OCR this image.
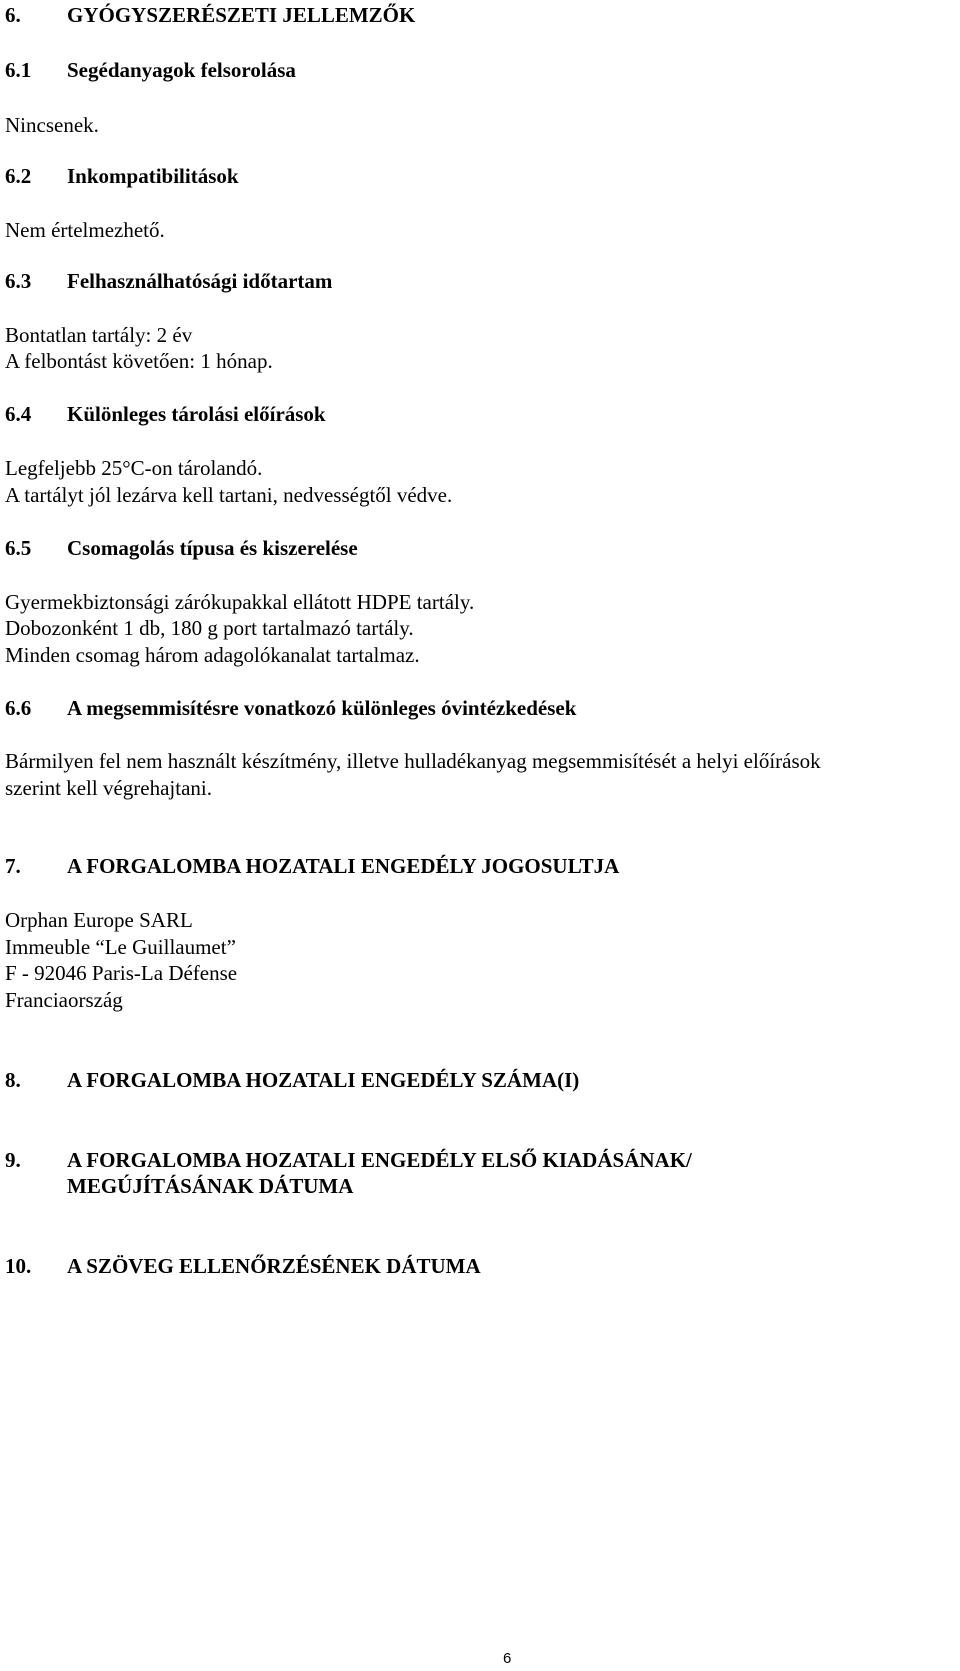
6. GYÓGYSZERÉSZETI JELLEMZŐK
6.1 Segédanyagok felsorolása
Nincsenek.
6.2 Inkompatibilitások
Nem értelmezhető.
6.3 Felhasználhatósági időtartam
Bontatlan tartály: 2 év
A felbontást követően: 1 hónap.
6.4 Különleges tárolási előírások
Legfeljebb 25°C-on tárolandó.
A tartályt jól lezárva kell tartani, nedvességtől védve.
6.5 Csomagolás típusa és kiszerelése
Gyermekbiztonsági zárókupakkal ellátott HDPE tartály.
Dobozonként 1 db, 180 g port tartalmazó tartály.
Minden csomag három adagolókanalat tartalmaz.
6.6 A megsemmisítésre vonatkozó különleges óvintézkedések
Bármilyen fel nem használt készítmény, illetve hulladékanyag megsemmisítését a helyi előírások
szerint kell végrehajtani.
7. A FORGALOMBA HOZATALI ENGEDÉLY JOGOSULTJA
Orphan Europe SARL
Immeuble “Le Guillaumet”
F - 92046 Paris-La Défense
Franciaország
8. A FORGALOMBA HOZATALI ENGEDÉLY SZÁMA(I)
9. A FORGALOMBA HOZATALI ENGEDÉLY ELSŐ KIADÁSÁNAK/
MEGÚJÍTÁSÁNAK DÁTUMA
10. A SZÖVEG ELLENŐRZÉSÉNEK DÁTUMA
6
